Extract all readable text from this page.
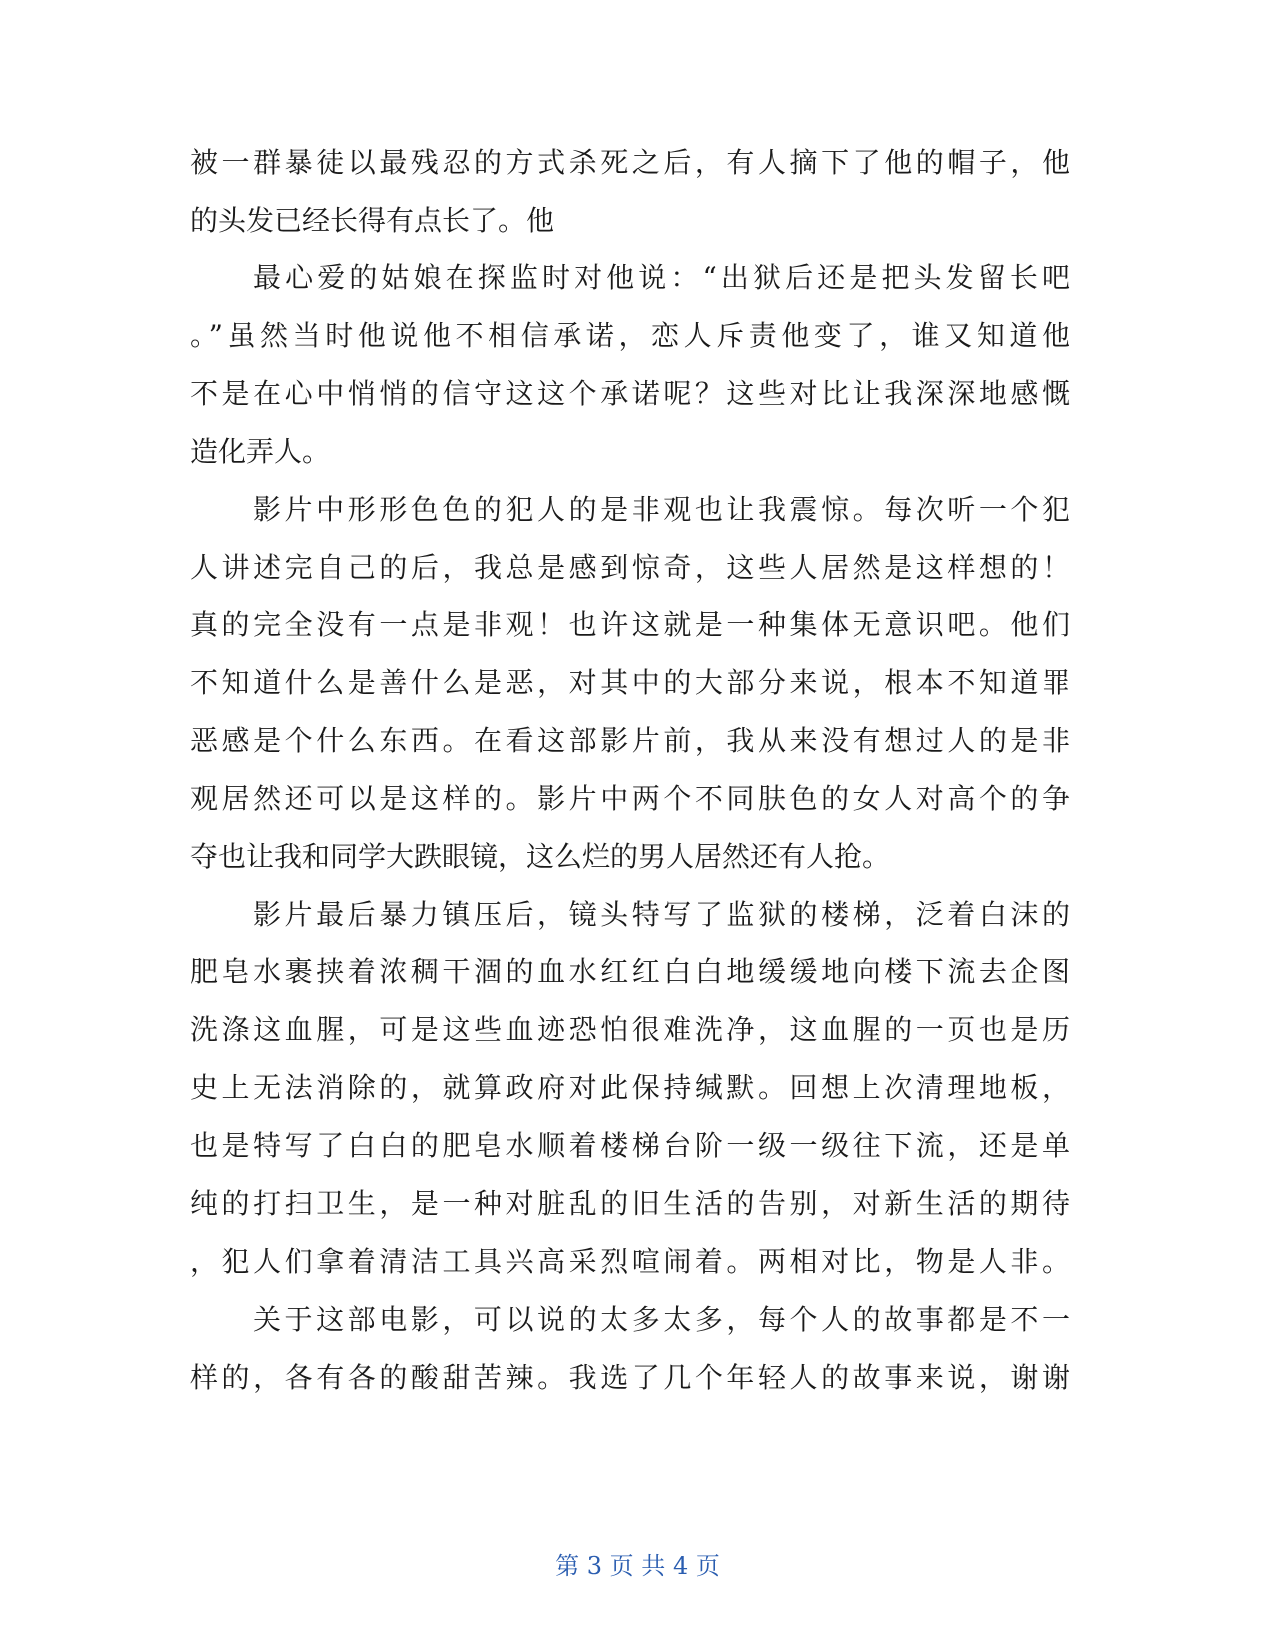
被一群暴徒以最残忍的方式杀死之后，有人摘下了他的帽子，他
的头发已经长得有点长了。他
最心爱的姑娘在探监时对他说：“出狱后还是把头发留长吧
。”虽然当时他说他不相信承诺，恋人斥责他变了，谁又知道他
不是在心中悄悄的信守这这个承诺呢？这些对比让我深深地感慨
造化弄人。
影片中形形色色的犯人的是非观也让我震惊。每次听一个犯
人讲述完自己的后，我总是感到惊奇，这些人居然是这样想的！
真的完全没有一点是非观！也许这就是一种集体无意识吧。他们
不知道什么是善什么是恶，对其中的大部分来说，根本不知道罪
恶感是个什么东西。在看这部影片前，我从来没有想过人的是非
观居然还可以是这样的。影片中两个不同肤色的女人对高个的争
夺也让我和同学大跌眼镜，这么烂的男人居然还有人抢。
影片最后暴力镇压后，镜头特写了监狱的楼梯，泛着白沫的
肥皂水裹挟着浓稠干涸的血水红红白白地缓缓地向楼下流去企图
洗涤这血腥，可是这些血迹恐怕很难洗净，这血腥的一页也是历
史上无法消除的，就算政府对此保持缄默。回想上次清理地板，
也是特写了白白的肥皂水顺着楼梯台阶一级一级往下流，还是单
纯的打扫卫生，是一种对脏乱的旧生活的告别，对新生活的期待
，犯人们拿着清洁工具兴高采烈喧闹着。两相对比，物是人非。
关于这部电影，可以说的太多太多，每个人的故事都是不一
样的，各有各的酸甜苦辣。我选了几个年轻人的故事来说，谢谢
第 3 页 共 4 页
